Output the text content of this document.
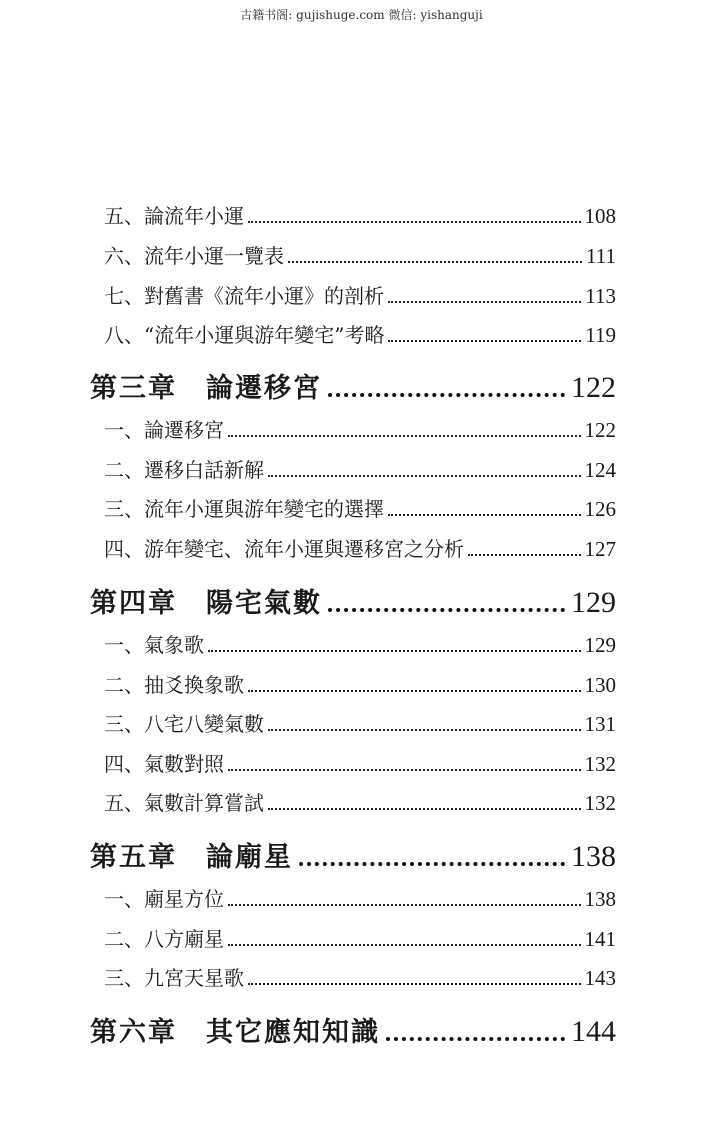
古籍书阁: gujishuge.com 微信: yishanguji
五、論流年小運	108
六、流年小運一覽表	111
七、對舊書《流年小運》的剖析	113
八、“流年小運與游年變宅”考略	119
第三章　論遷移宮	122
一、論遷移宮	122
二、遷移白話新解	124
三、流年小運與游年變宅的選擇	126
四、游年變宅、流年小運與遷移宮之分析	127
第四章　陽宅氣數	129
一、氣象歌	129
二、抽爻換象歌	130
三、八宅八變氣數	131
四、氣數對照	132
五、氣數計算嘗試	132
第五章　論廟星	138
一、廟星方位	138
二、八方廟星	141
三、九宮天星歌	143
第六章　其它應知知識	144
